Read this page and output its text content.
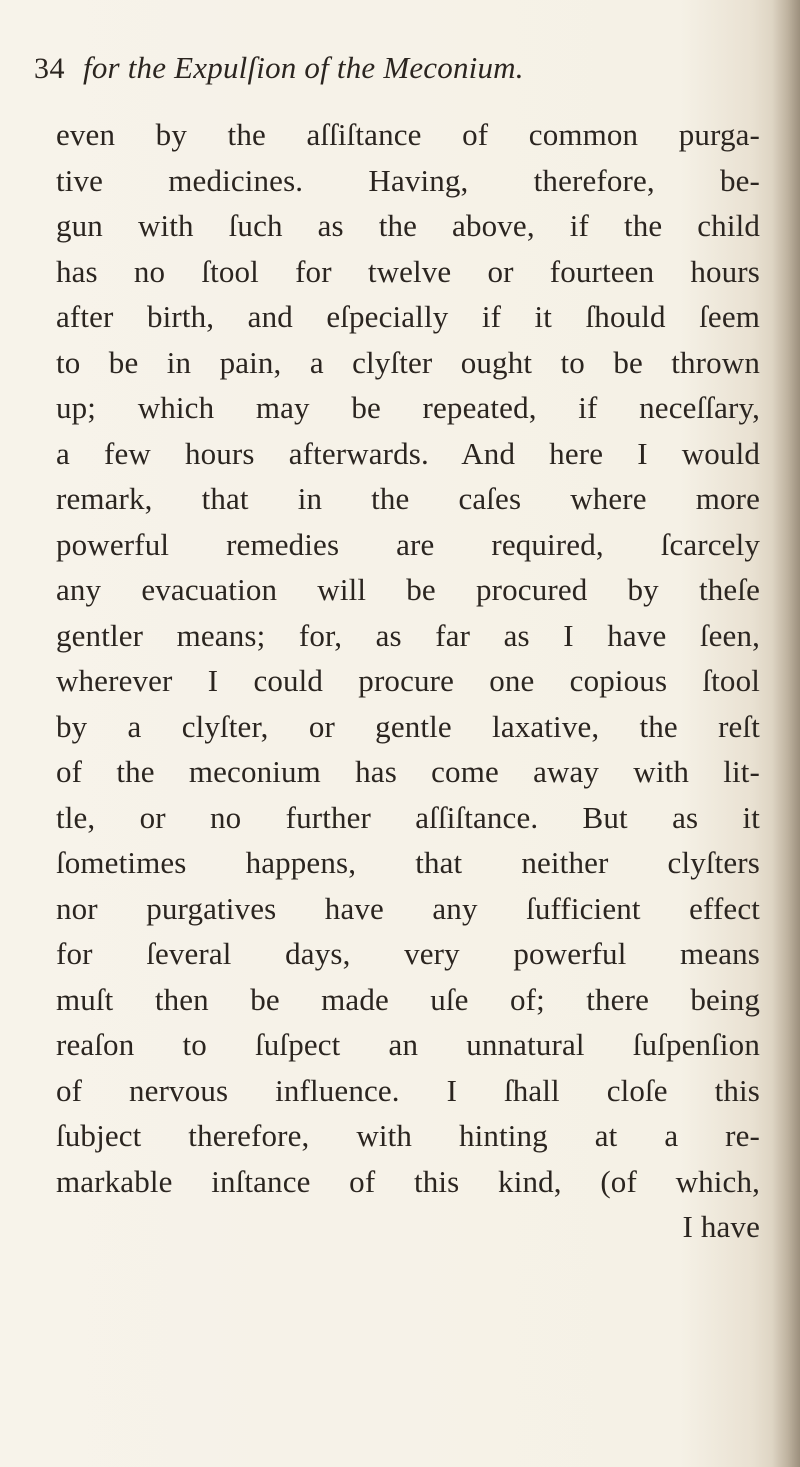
34 for the Expulſion of the Meconium.
even by the aſſiſtance of common purga-
tive medicines. Having, therefore, be-
gun with ſuch as the above, if the child
has no ſtool for twelve or fourteen hours
after birth, and eſpecially if it ſhould ſeem
to be in pain, a clyſter ought to be thrown
up; which may be repeated, if neceſſary,
a few hours afterwards. And here I would
remark, that in the caſes where more
powerful remedies are required, ſcarcely
any evacuation will be procured by theſe
gentler means; for, as far as I have ſeen,
wherever I could procure one copious ſtool
by a clyſter, or gentle laxative, the reſt
of the meconium has come away with lit-
tle, or no further aſſiſtance. But as it
ſometimes happens, that neither clyſters
nor purgatives have any ſufficient effect
for ſeveral days, very powerful means
muſt then be made uſe of; there being
reaſon to ſuſpect an unnatural ſuſpenſion
of nervous influence. I ſhall cloſe this
ſubject therefore, with hinting at a re-
markable inſtance of this kind, (of which,
I have
